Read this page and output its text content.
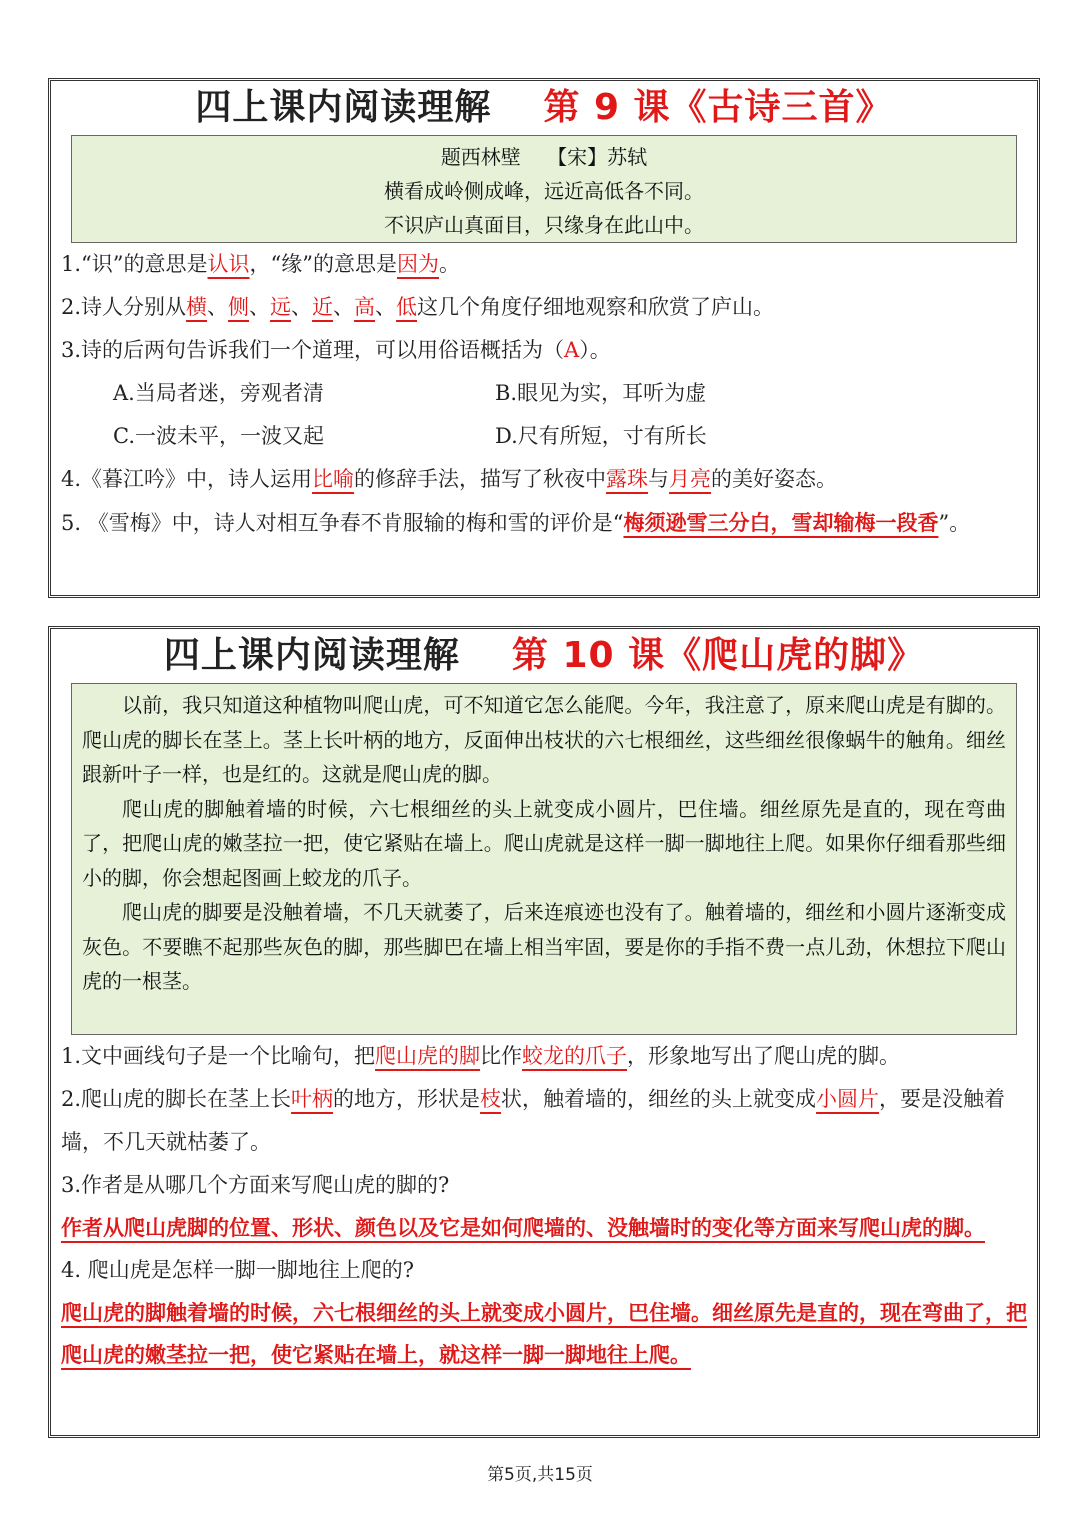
四上课内阅读理解 第 9 课《古诗三首》
题西林壁　 【宋】苏轼
横看成岭侧成峰，远近高低各不同。
不识庐山真面目，只缘身在此山中。

1.“识”的意思是认识，“缘”的意思是因为。

2.诗人分别从横、侧、远、近、高、低这几个角度仔细地观察和欣赏了庐山。

3.诗的后两句告诉我们一个道理，可以用俗语概括为（A）。

A.当局者迷，旁观者清	B.眼见为实，耳听为虚
C.一波未平，一波又起	D.尺有所短，寸有所长

4.《暮江吟》中，诗人运用比喻的修辞手法，描写了秋夜中露珠与月亮的美好姿态。

5. 《雪梅》中，诗人对相互争春不肯服输的梅和雪的评价是“梅须逊雪三分白，雪却输梅一段香”。

四上课内阅读理解 第 10 课《爬山虎的脚》

以前，我只知道这种植物叫爬山虎，可不知道它怎么能爬。今年，我注意了，原来爬山虎是有脚的。爬山虎的脚长在茎上。茎上长叶柄的地方，反面伸出枝状的六七根细丝，这些细丝很像蜗牛的触角。细丝跟新叶子一样，也是红的。这就是爬山虎的脚。

爬山虎的脚触着墙的时候，六七根细丝的头上就变成小圆片，巴住墙。细丝原先是直的，现在弯曲了，把爬山虎的嫩茎拉一把，使它紧贴在墙上。爬山虎就是这样一脚一脚地往上爬。如果你仔细看那些细小的脚，你会想起图画上蛟龙的爪子。

爬山虎的脚要是没触着墙，不几天就萎了，后来连痕迹也没有了。触着墙的，细丝和小圆片逐渐变成灰色。不要瞧不起那些灰色的脚，那些脚巴在墙上相当牢固，要是你的手指不费一点儿劲，休想拉下爬山虎的一根茎。

1.文中画线句子是一个比喻句，把爬山虎的脚比作蛟龙的爪子，形象地写出了爬山虎的脚。

2.爬山虎的脚长在茎上长叶柄的地方，形状是枝状，触着墙的，细丝的头上就变成小圆片，要是没触着墙，不几天就枯萎了。

3.作者是从哪几个方面来写爬山虎的脚的?

作者从爬山虎脚的位置、形状、颜色以及它是如何爬墙的、没触墙时的变化等方面来写爬山虎的脚。

4. 爬山虎是怎样一脚一脚地往上爬的?

爬山虎的脚触着墙的时候，六七根细丝的头上就变成小圆片，巴住墙。细丝原先是直的，现在弯曲了，把爬山虎的嫩茎拉一把，使它紧贴在墙上，就这样一脚一脚地往上爬。

第5页,共15页
